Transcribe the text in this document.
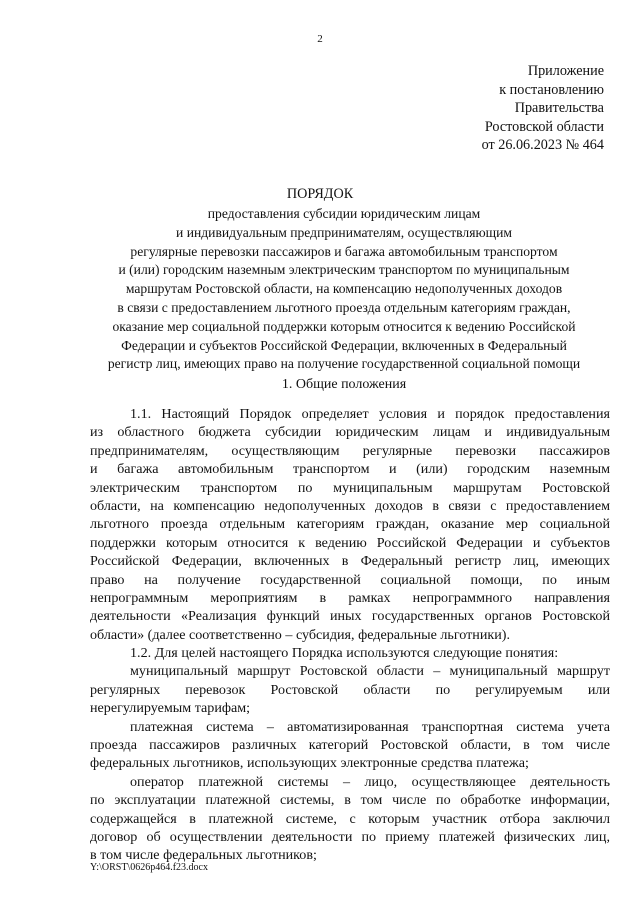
2
Приложение
к постановлению
Правительства
Ростовской области
от 26.06.2023 № 464
ПОРЯДОК
предоставления субсидии юридическим лицам
и индивидуальным предпринимателям, осуществляющим
регулярные перевозки пассажиров и багажа автомобильным транспортом
и (или) городским наземным электрическим транспортом по муниципальным
маршрутам Ростовской области, на компенсацию недополученных доходов
в связи с предоставлением льготного проезда отдельным категориям граждан,
оказание мер социальной поддержки которым относится к ведению Российской
Федерации и субъектов Российской Федерации, включенных в Федеральный
регистр лиц, имеющих право на получение государственной социальной помощи
1. Общие положения
1.1. Настоящий Порядок определяет условия и порядок предоставления
из областного бюджета субсидии юридическим лицам и индивидуальным
предпринимателям, осуществляющим регулярные перевозки пассажиров
и багажа автомобильным транспортом и (или) городским наземным
электрическим транспортом по муниципальным маршрутам Ростовской
области, на компенсацию недополученных доходов в связи с предоставлением
льготного проезда отдельным категориям граждан, оказание мер социальной
поддержки которым относится к ведению Российской Федерации и субъектов
Российской Федерации, включенных в Федеральный регистр лиц, имеющих
право на получение государственной социальной помощи, по иным
непрограммным мероприятиям в рамках непрограммного направления
деятельности «Реализация функций иных государственных органов Ростовской
области» (далее соответственно – субсидия, федеральные льготники).
1.2. Для целей настоящего Порядка используются следующие понятия:
муниципальный маршрут Ростовской области – муниципальный маршрут
регулярных перевозок Ростовской области по регулируемым или
нерегулируемым тарифам;
платежная система – автоматизированная транспортная система учета
проезда пассажиров различных категорий Ростовской области, в том числе
федеральных льготников, использующих электронные средства платежа;
оператор платежной системы – лицо, осуществляющее деятельность
по эксплуатации платежной системы, в том числе по обработке информации,
содержащейся в платежной системе, с которым участник отбора заключил
договор об осуществлении деятельности по приему платежей физических лиц,
в том числе федеральных льготников;
Y:\ORST\0626p464.f23.docx
